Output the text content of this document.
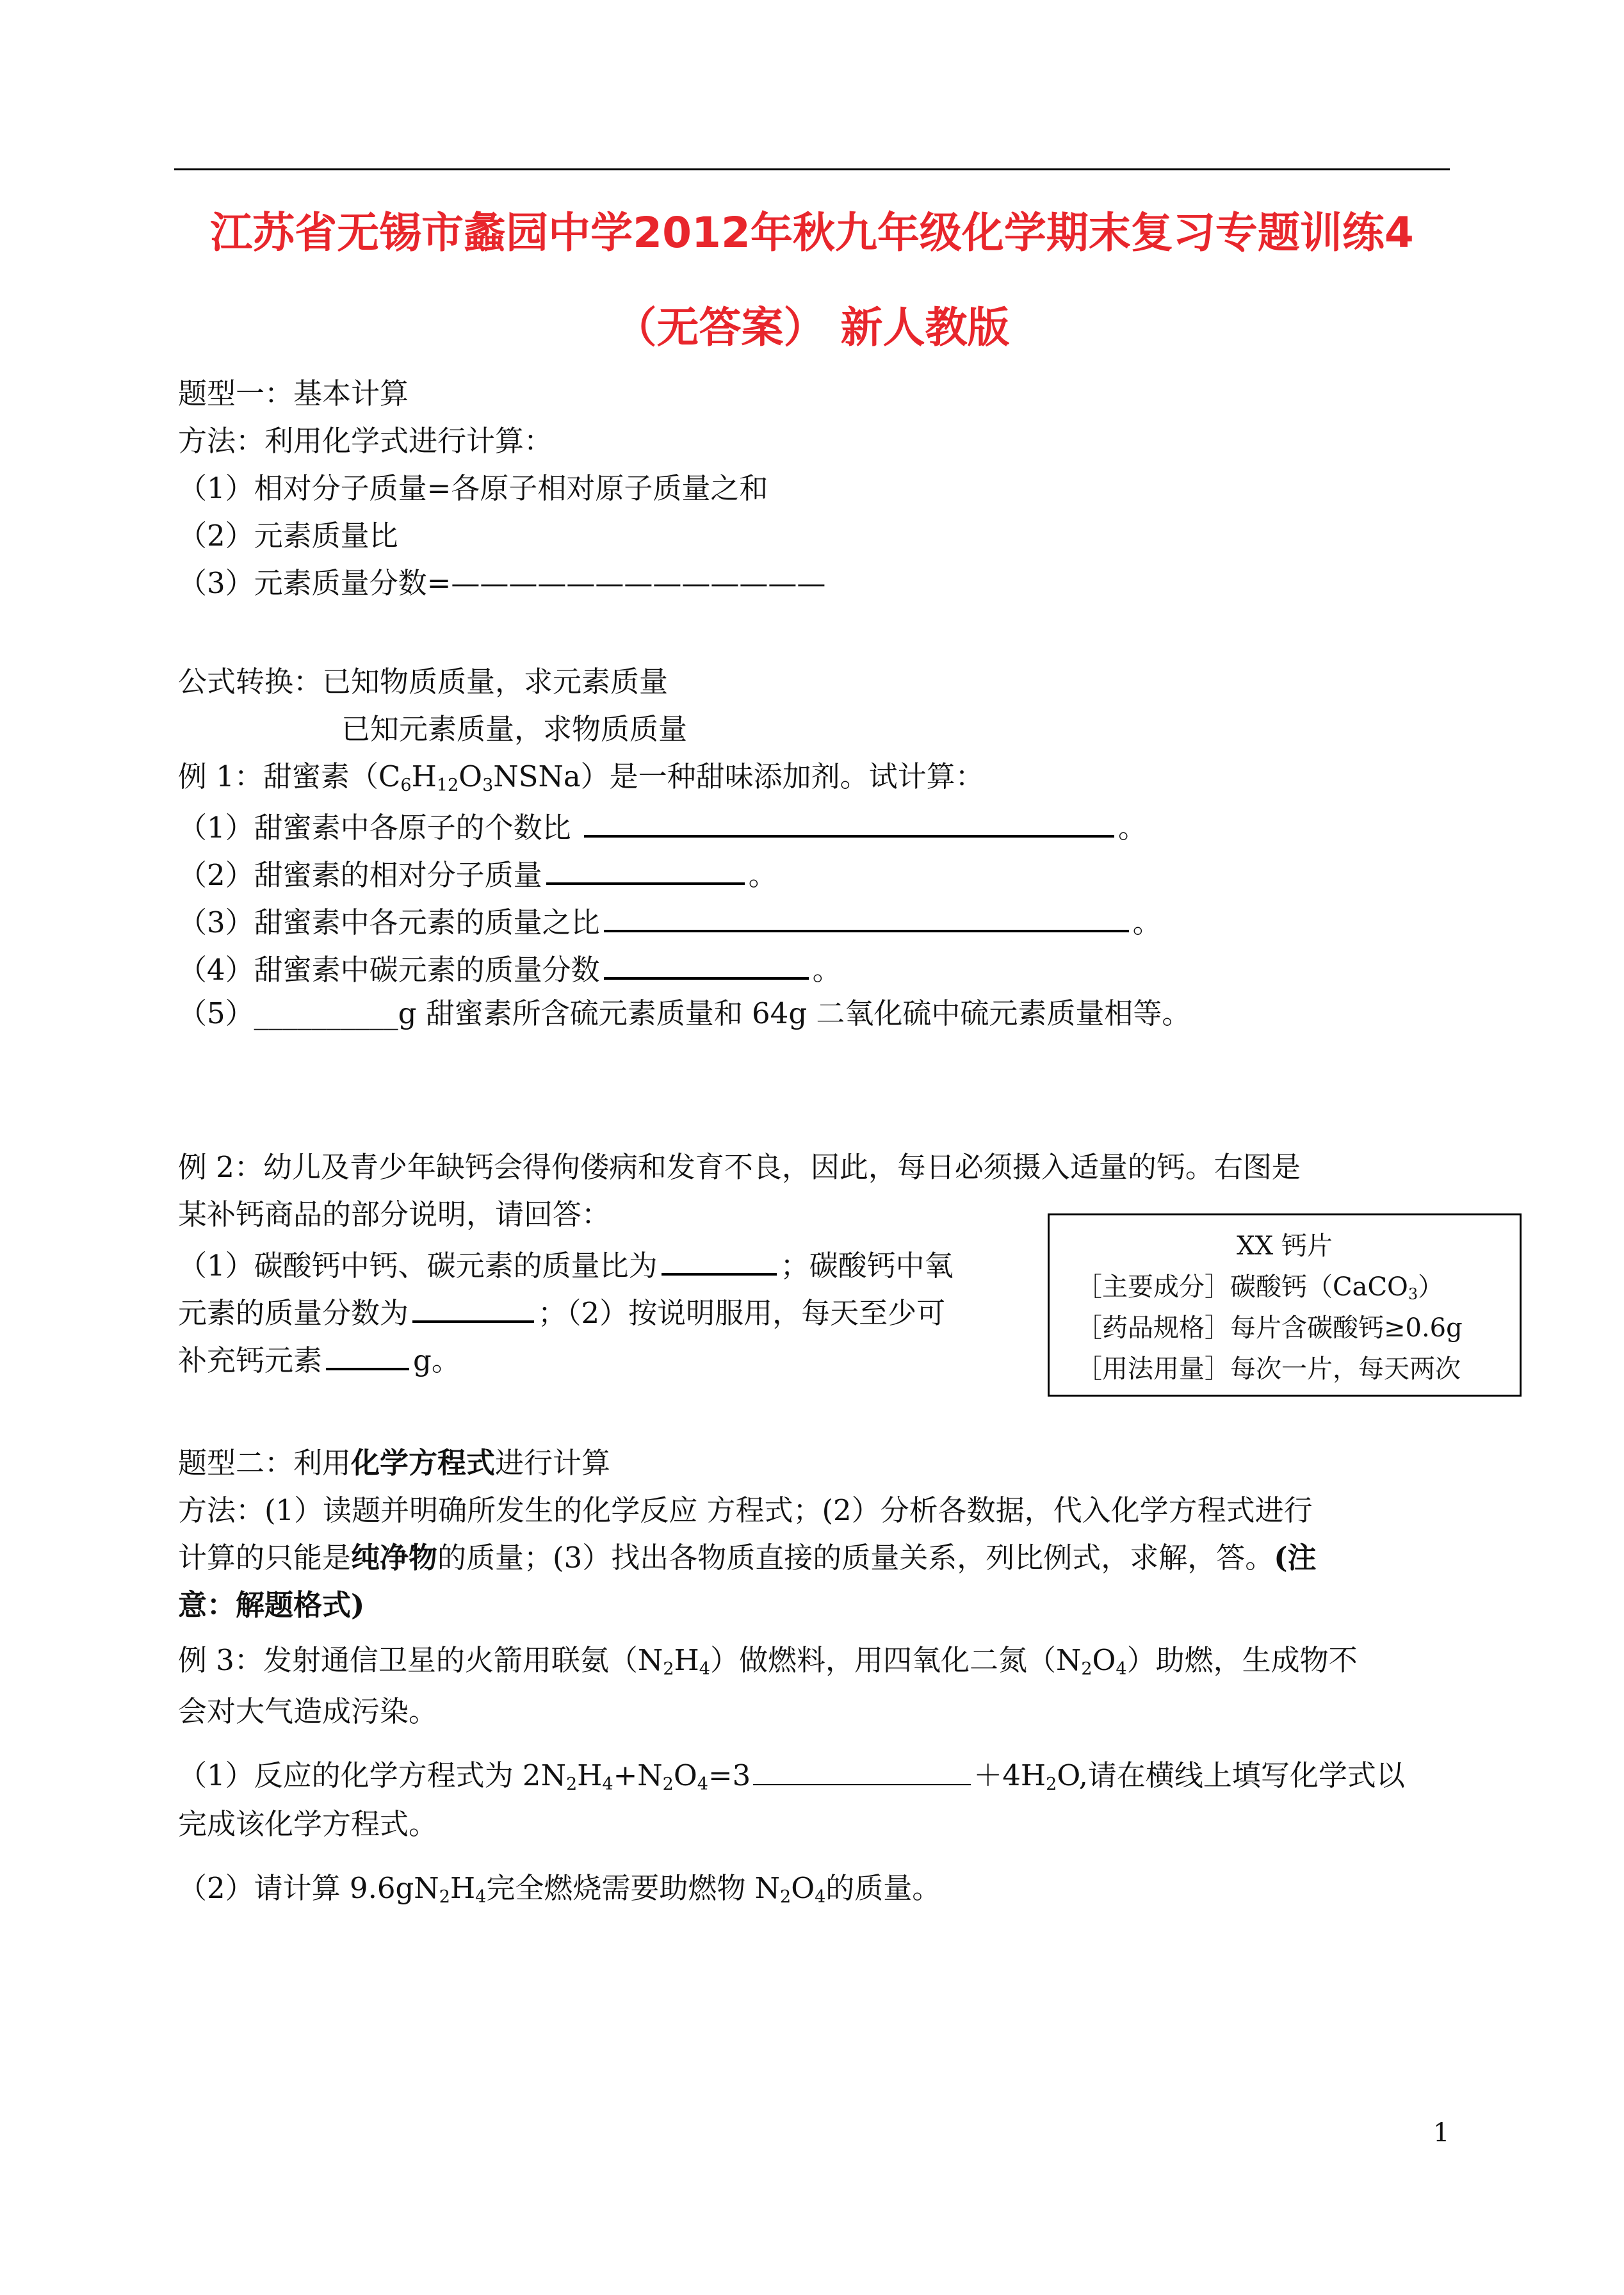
江苏省无锡市蠡园中学2012年秋九年级化学期末复习专题训练4
（无答案） 新人教版
题型一：基本计算
方法：利用化学式进行计算：
（1）相对分子质量=各原子相对原子质量之和
（2）元素质量比
（3）元素质量分数=—————————————
公式转换：已知物质质量，求元素质量
已知元素质量，求物质质量
例 1：甜蜜素$(C_6H_{12}O_3NSNa)$是一种甜味添加剂。试计算：
（1）甜蜜素中各原子的个数比	。
（2）甜蜜素的相对分子质量	。
（3）甜蜜素中各元素的质量之比	。
（4）甜蜜素中碳元素的质量分数	。
（5）__________g 甜蜜素所含硫元素质量和 64g 二氧化硫中硫元素质量相等。
例 2：幼儿及青少年缺钙会得佝偻病和发育不良，因此，每日必须摄入适量的钙。右图是
某补钙商品的部分说明，请回答：
（1）碳酸钙中钙、碳元素的质量比为	；碳酸钙中氧
元素的质量分数为	；（2）按说明服用，每天至少可
补充钙元素	g。
XX 钙片
［主要成分］碳酸钙（CaCO$_3$）
［药品规格］每片含碳酸钙≥0.6g
［用法用量］每次一片，每天两次
题型二：利用化学方程式进行计算
方法：(1）读题并明确所发生的化学反应 方程式；(2）分析各数据，代入化学方程式进行
计算的只能是纯净物的质量；(3）找出各物质直接的质量关系，列比例式，求解，答。(注
意：解题格式)
例 3：发射通信卫星的火箭用联氨$(N_2H_4)$做燃料，用四氧化二氮$(N_2O_4)$助燃，生成物不
会对大气造成污染。
（1）反应的化学方程式为 $2N_2H_4+N_2O_4=3$	$+4H_2O$,请在横线上填写化学式以
完成该化学方程式。
（2）请计算 $9.6gN_2H_4$完全燃烧需要助燃物 $N_2O_4$的质量。
1
